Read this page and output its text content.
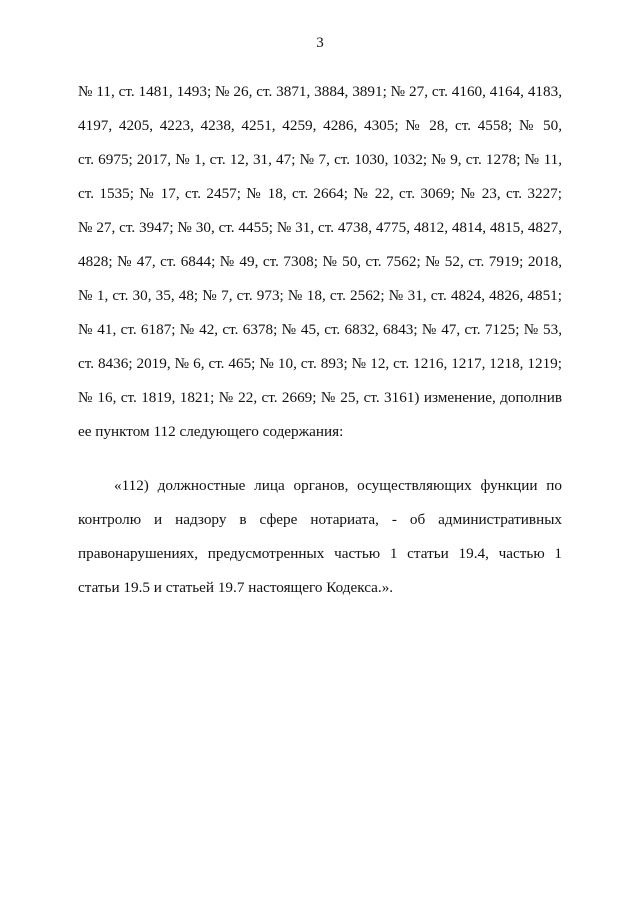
3
№ 11, ст. 1481, 1493; № 26, ст. 3871, 3884, 3891; № 27, ст. 4160, 4164, 4183,
4197, 4205, 4223, 4238, 4251, 4259, 4286, 4305; № 28, ст. 4558; № 50,
ст. 6975; 2017, № 1, ст. 12, 31, 47; № 7, ст. 1030, 1032; № 9, ст. 1278; № 11,
ст. 1535; № 17, ст. 2457; № 18, ст. 2664; № 22, ст. 3069; № 23, ст. 3227;
№ 27, ст. 3947; № 30, ст. 4455; № 31, ст. 4738, 4775, 4812, 4814, 4815, 4827,
4828; № 47, ст. 6844; № 49, ст. 7308; № 50, ст. 7562; № 52, ст. 7919; 2018,
№ 1, ст. 30, 35, 48; № 7, ст. 973; № 18, ст. 2562; № 31, ст. 4824, 4826, 4851;
№ 41, ст. 6187; № 42, ст. 6378; № 45, ст. 6832, 6843; № 47, ст. 7125; № 53,
ст. 8436; 2019, № 6, ст. 465; № 10, ст. 893; № 12, ст. 1216, 1217, 1218, 1219;
№ 16, ст. 1819, 1821; № 22, ст. 2669; № 25, ст. 3161) изменение, дополнив
ее пунктом 112 следующего содержания:
«112) должностные лица органов, осуществляющих функции по
контролю и надзору в сфере нотариата, - об административных
правонарушениях, предусмотренных частью 1 статьи 19.4, частью 1
статьи 19.5 и статьей 19.7 настоящего Кодекса.».
